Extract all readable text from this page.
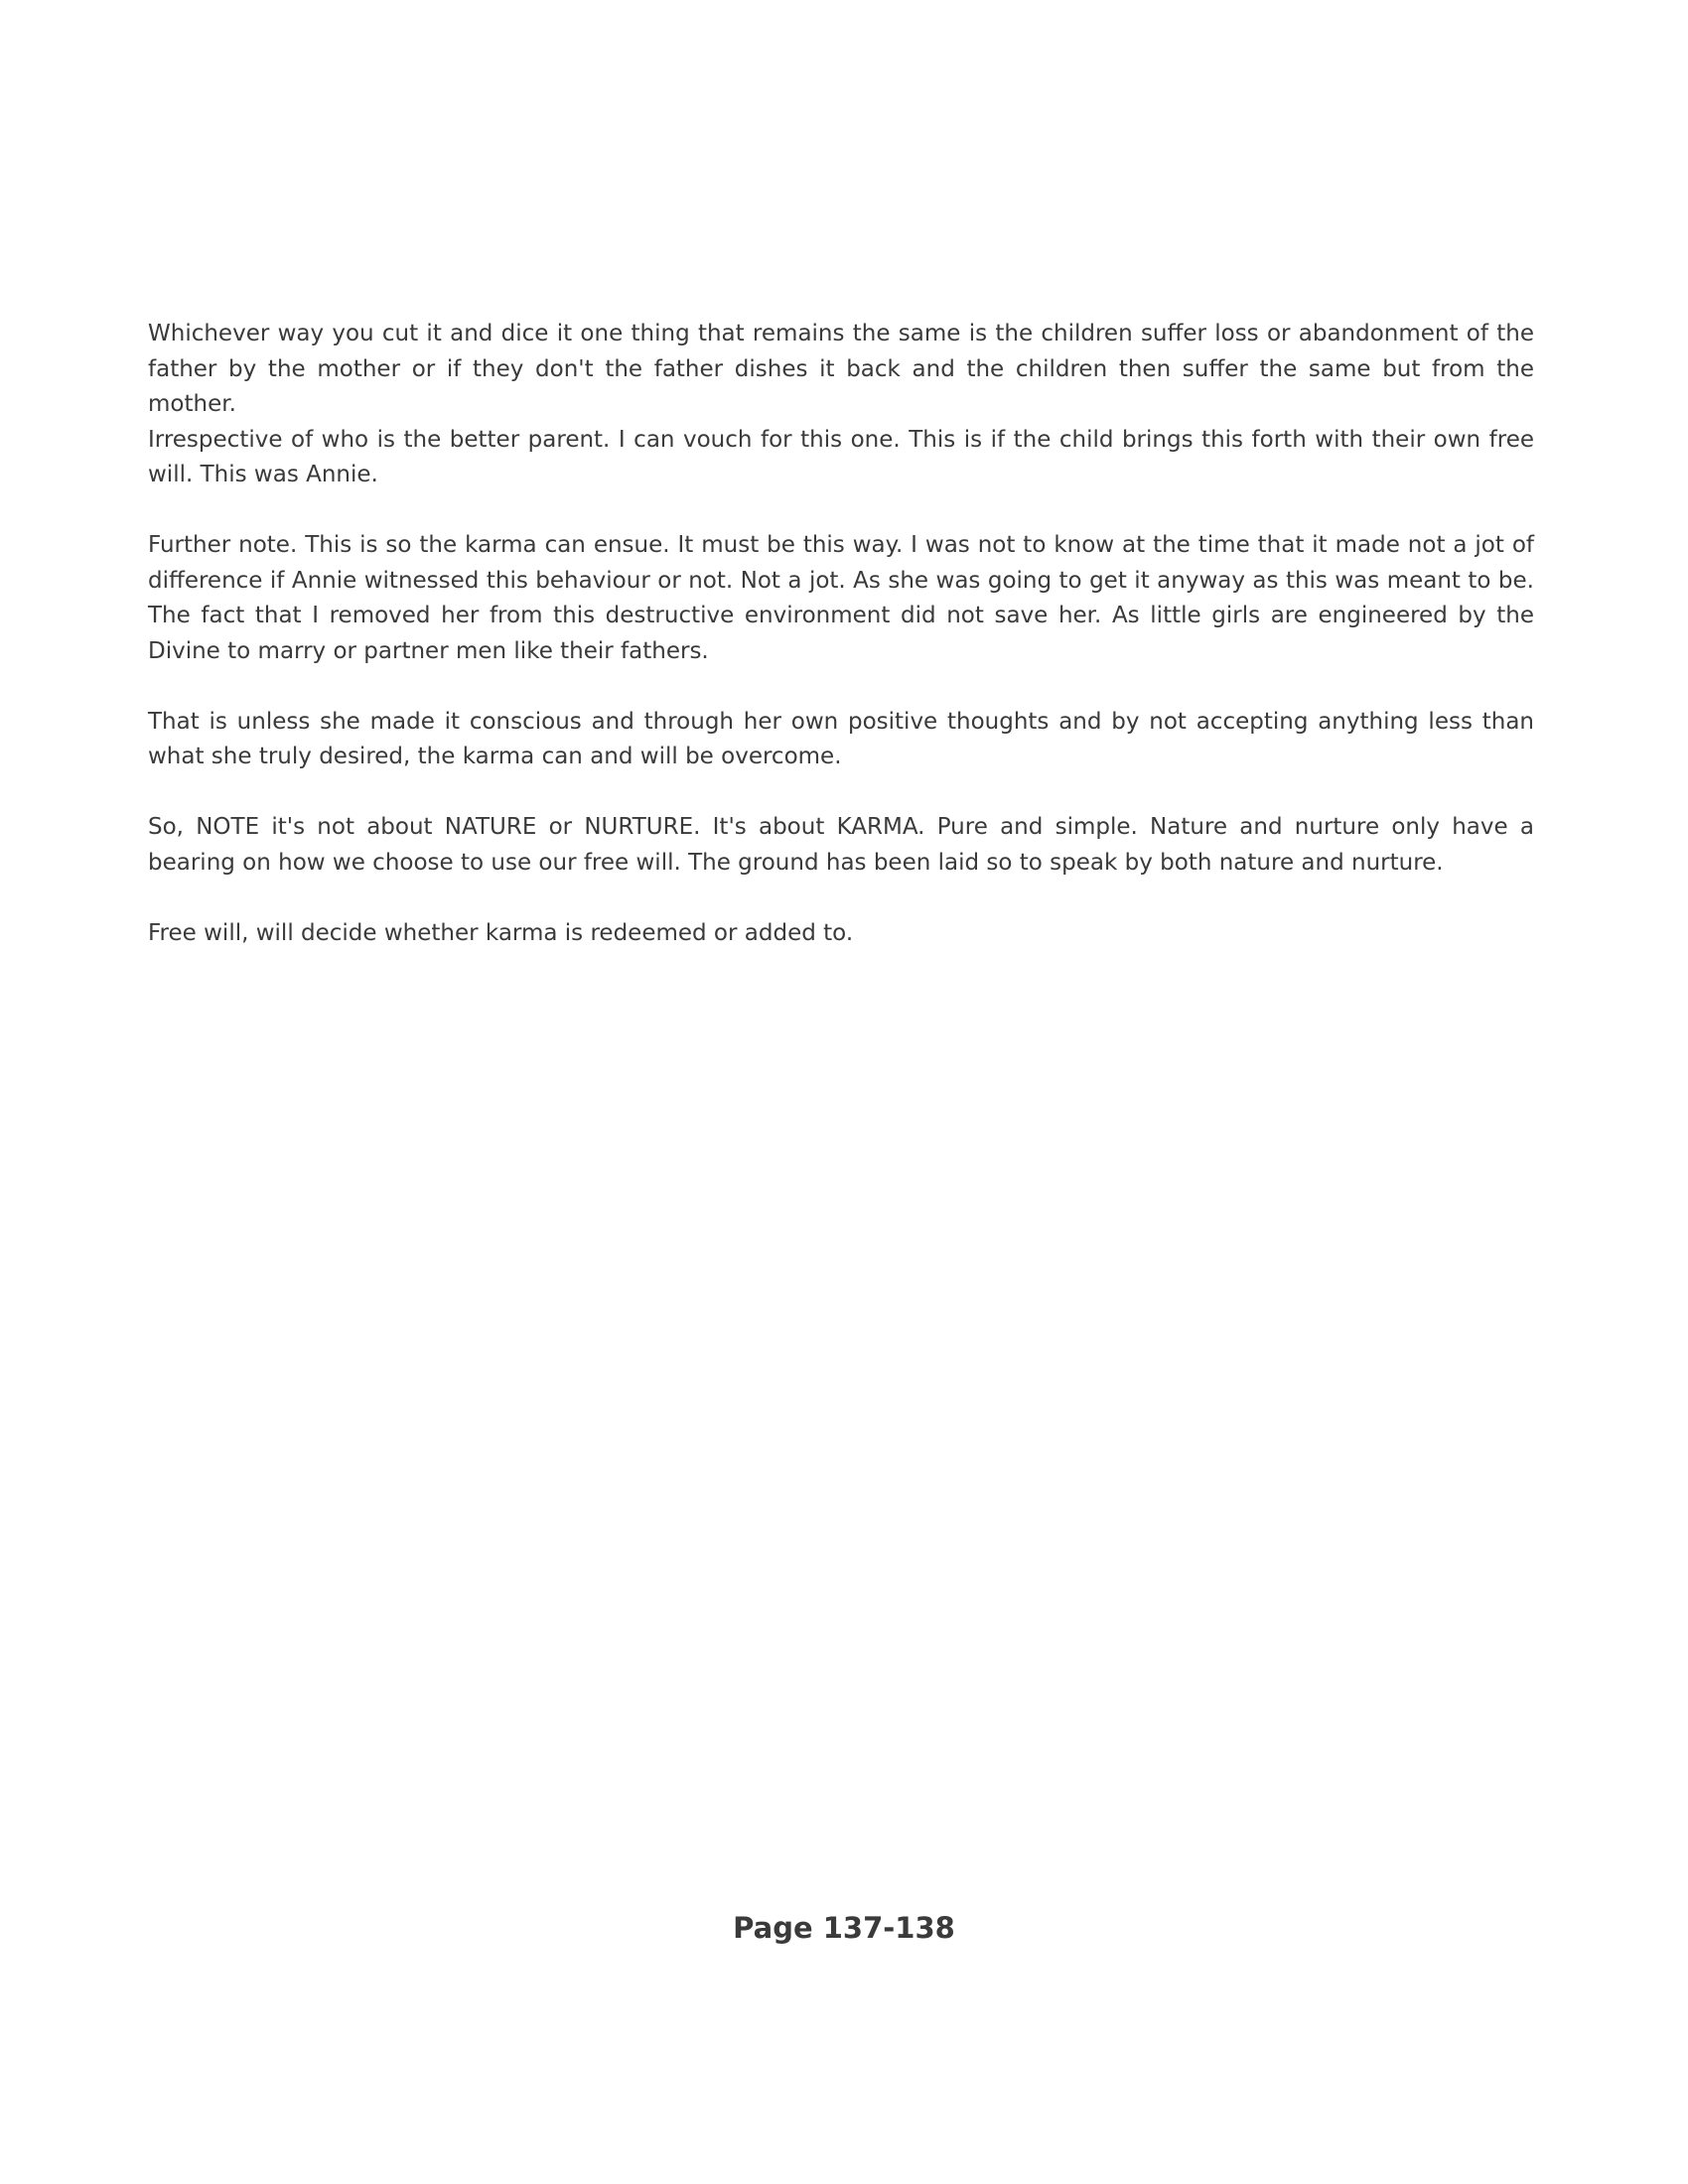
Whichever way you cut it and dice it one thing that remains the same is the children suffer loss or abandonment of the father by the mother or if they don't the father dishes it back and the children then suffer the same but from the mother.

Irrespective of who is the better parent. I can vouch for this one. This is if the child brings this forth with their own free will. This was Annie.

Further note. This is so the karma can ensue. It must be this way. I was not to know at the time that it made not a jot of difference if Annie witnessed this behaviour or not. Not a jot. As she was going to get it anyway as this was meant to be. The fact that I removed her from this destructive environment did not save her. As little girls are engineered by the Divine to marry or partner men like their fathers.

That is unless she made it conscious and through her own positive thoughts and by not accepting anything less than what she truly desired, the karma can and will be overcome.

So, NOTE it's not about NATURE or NURTURE. It's about KARMA. Pure and simple. Nature and nurture only have a bearing on how we choose to use our free will. The ground has been laid so to speak by both nature and nurture.

Free will, will decide whether karma is redeemed or added to.

Page 137-138
